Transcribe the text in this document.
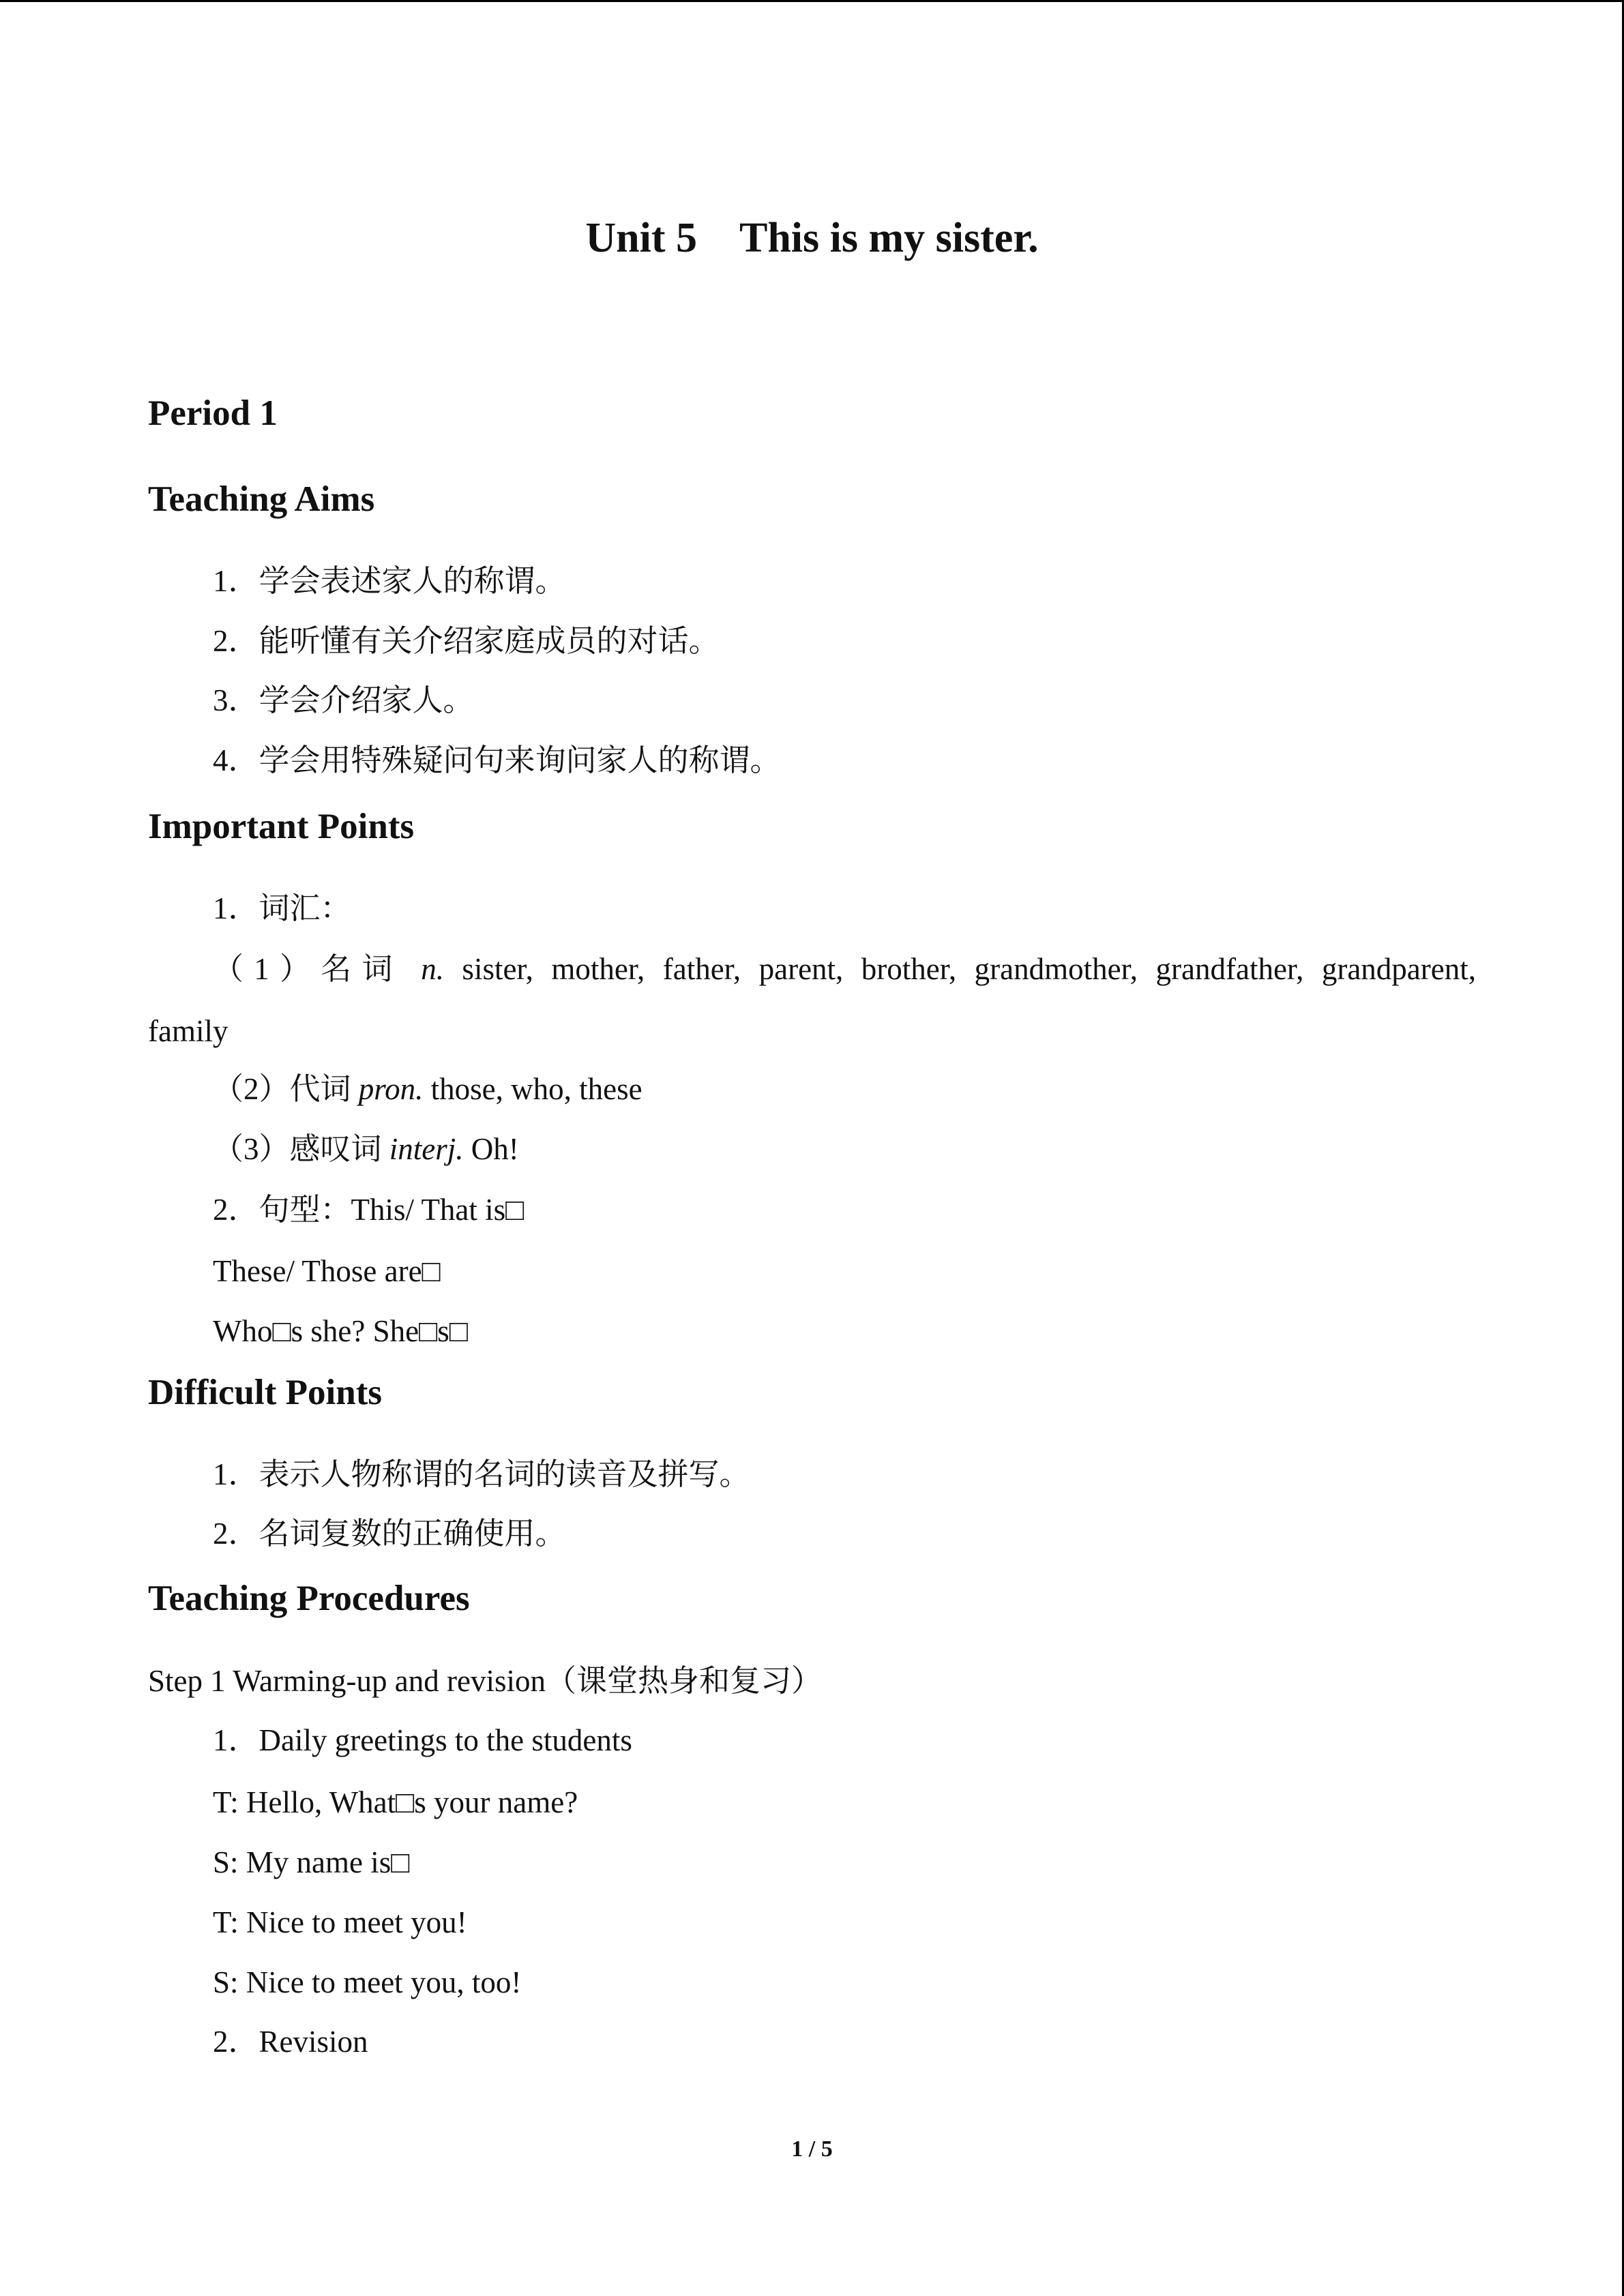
Unit 5　This is my sister.
Period 1
Teaching Aims
1．学会表述家人的称谓。
2．能听懂有关介绍家庭成员的对话。
3．学会介绍家人。
4．学会用特殊疑问句来询问家人的称谓。
Important Points
1．词汇：
（1）名词 n. sister, mother, father, parent, brother, grandmother, grandfather, grandparent,
family
（2）代词 pron. those, who, these
（3）感叹词 interj. Oh!
2．句型：This/ That is□
These/ Those are□
Who□s she? She□s□
Difficult Points
1．表示人物称谓的名词的读音及拼写。
2．名词复数的正确使用。
Teaching Procedures
Step 1 Warming-up and revision（课堂热身和复习）
1．Daily greetings to the students
T: Hello, What□s your name?
S: My name is□
T: Nice to meet you!
S: Nice to meet you, too!
2．Revision
1 / 5
